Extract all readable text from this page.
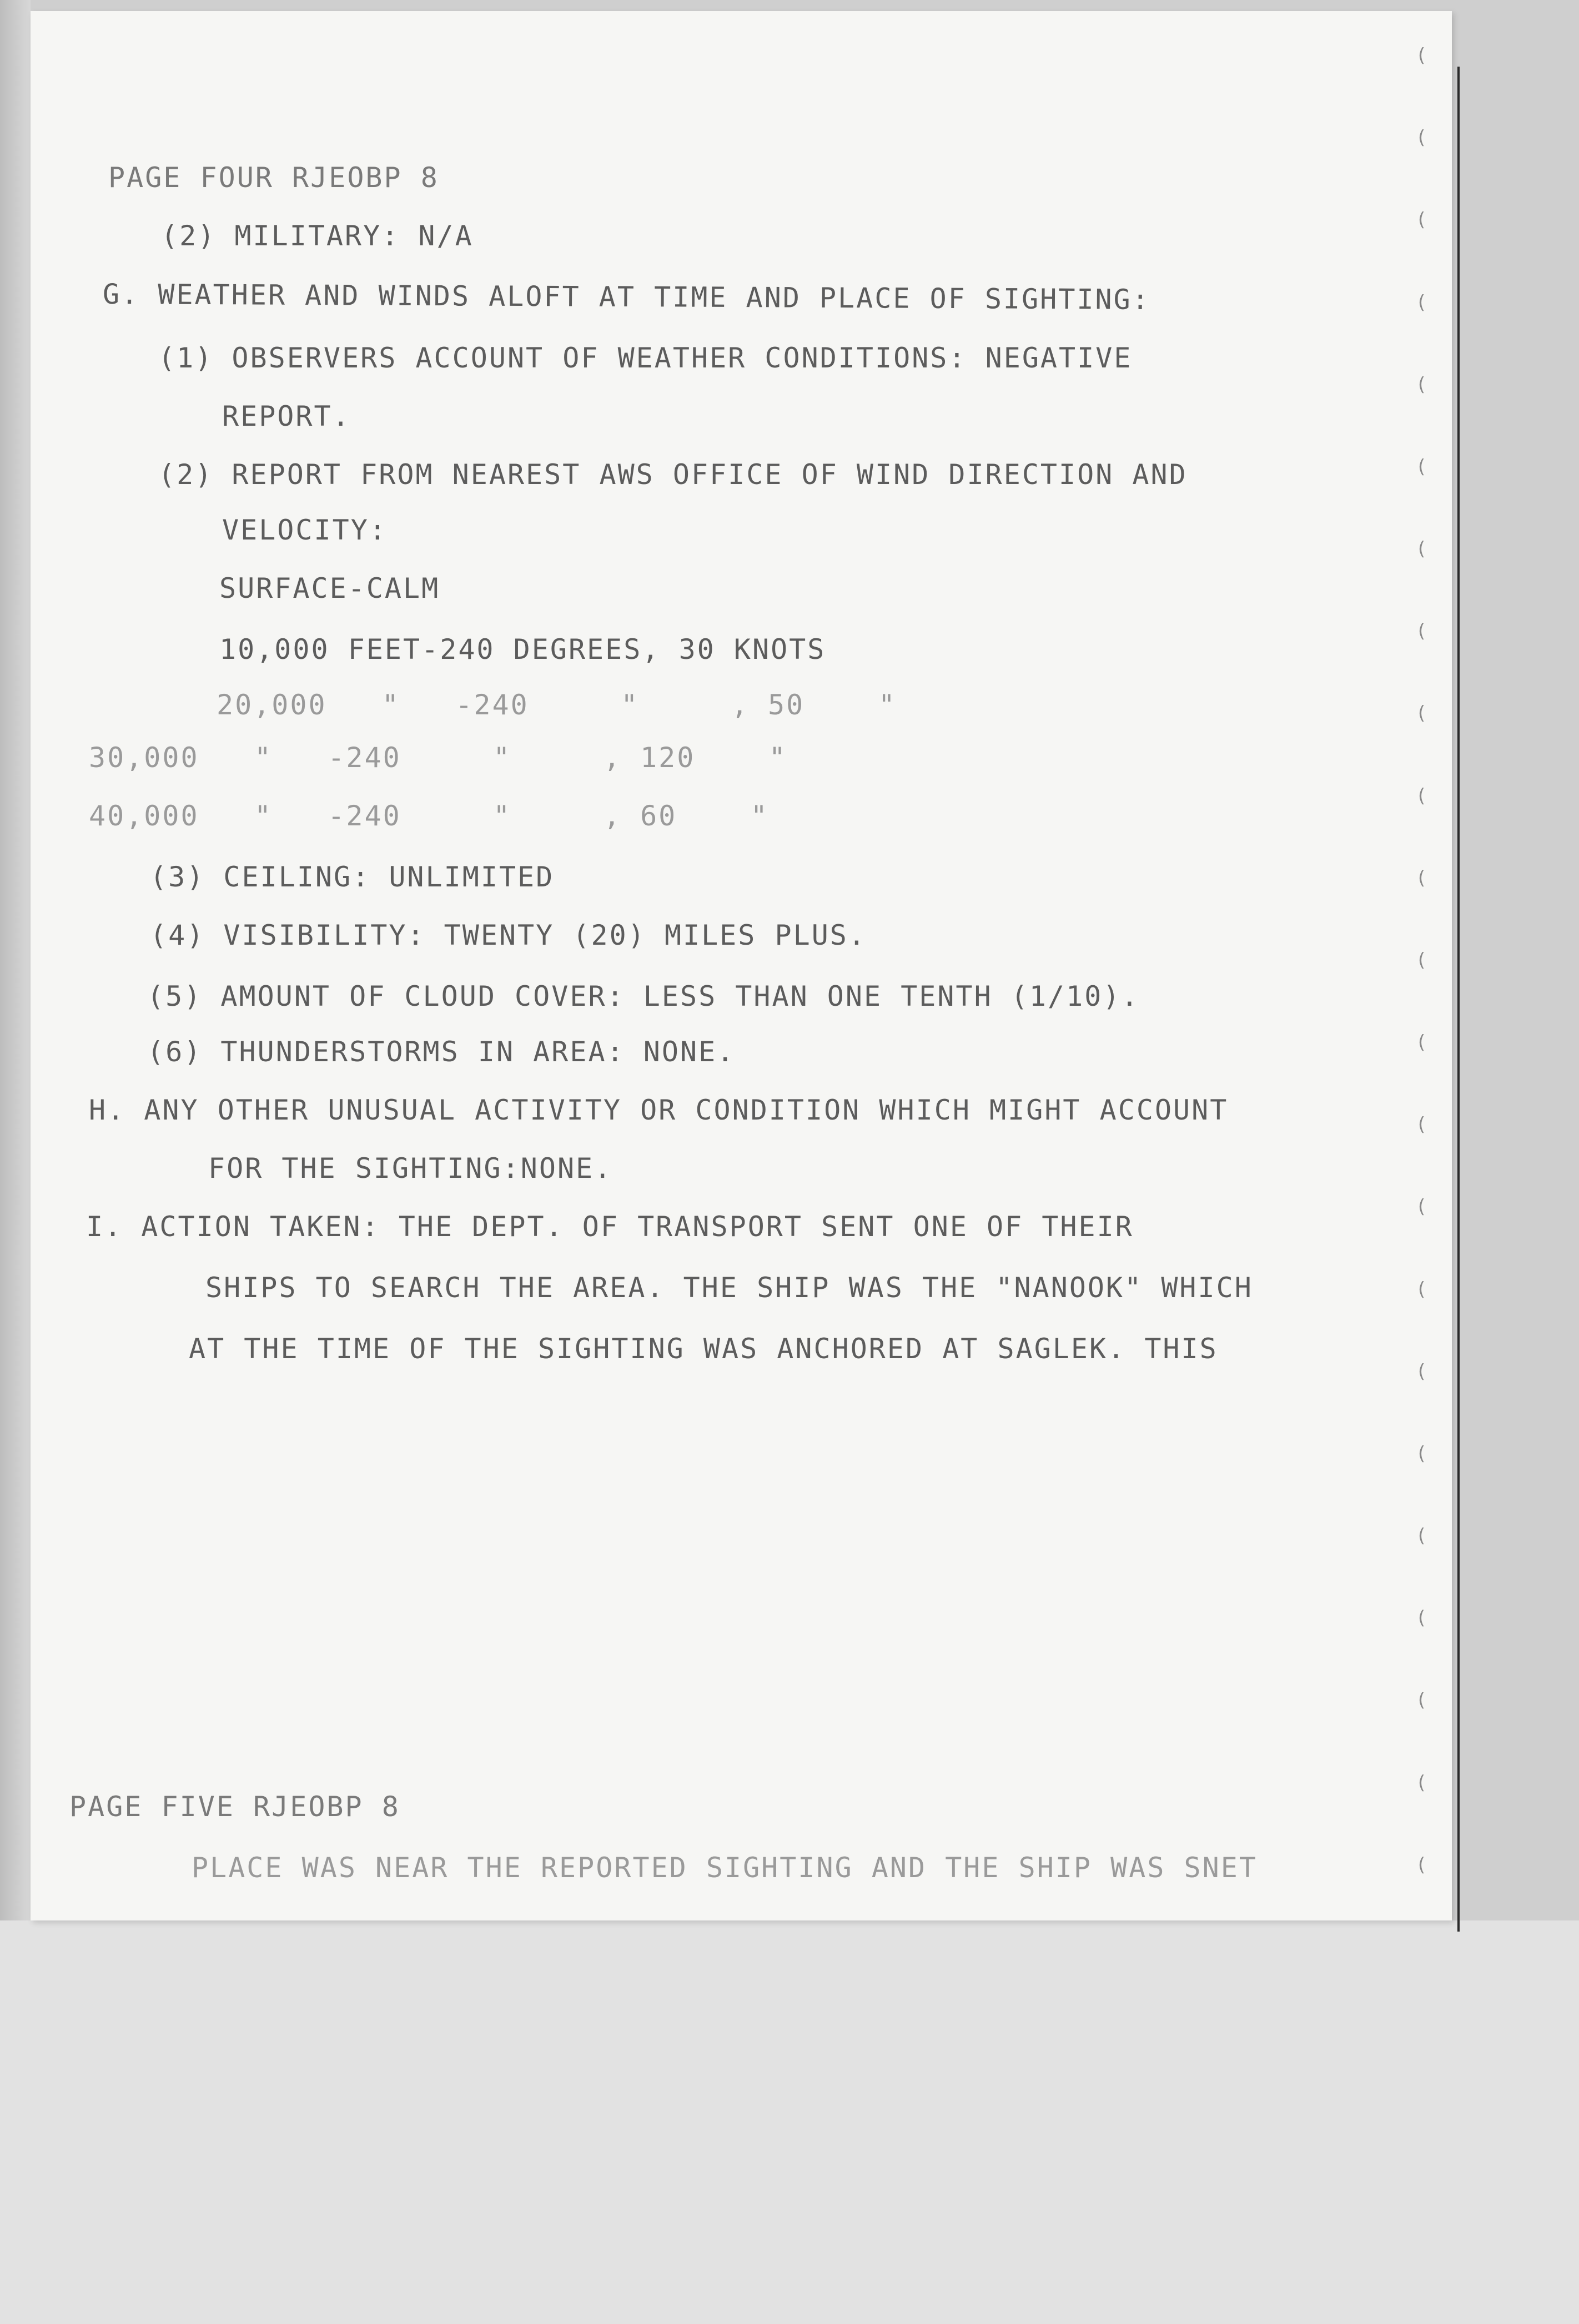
(
(
(
(
(
(
(
(
(
(
(
(
(
(
(
(
(
(
(
(
(
(
(
PAGE FOUR RJEOBP 8
(2) MILITARY: N/A
G. WEATHER AND WINDS ALOFT AT TIME AND PLACE OF SIGHTING:
(1) OBSERVERS ACCOUNT OF WEATHER CONDITIONS: NEGATIVE
REPORT.
(2) REPORT FROM NEAREST AWS OFFICE OF WIND DIRECTION AND
VELOCITY:
SURFACE-CALM
10,000 FEET-240 DEGREES, 30 KNOTS
20,000   "   -240     "     , 50    "
30,000   "   -240     "     , 120    "
40,000   "   -240     "     , 60    "
(3) CEILING: UNLIMITED
(4) VISIBILITY: TWENTY (20) MILES PLUS.
(5) AMOUNT OF CLOUD COVER: LESS THAN ONE TENTH (1/10).
(6) THUNDERSTORMS IN AREA: NONE.
H. ANY OTHER UNUSUAL ACTIVITY OR CONDITION WHICH MIGHT ACCOUNT
FOR THE SIGHTING:NONE.
I. ACTION TAKEN: THE DEPT. OF TRANSPORT SENT ONE OF THEIR
SHIPS TO SEARCH THE AREA. THE SHIP WAS THE "NANOOK" WHICH
AT THE TIME OF THE SIGHTING WAS ANCHORED AT SAGLEK. THIS
PAGE FIVE RJEOBP 8
PLACE WAS NEAR THE REPORTED SIGHTING AND THE SHIP WAS SNET
